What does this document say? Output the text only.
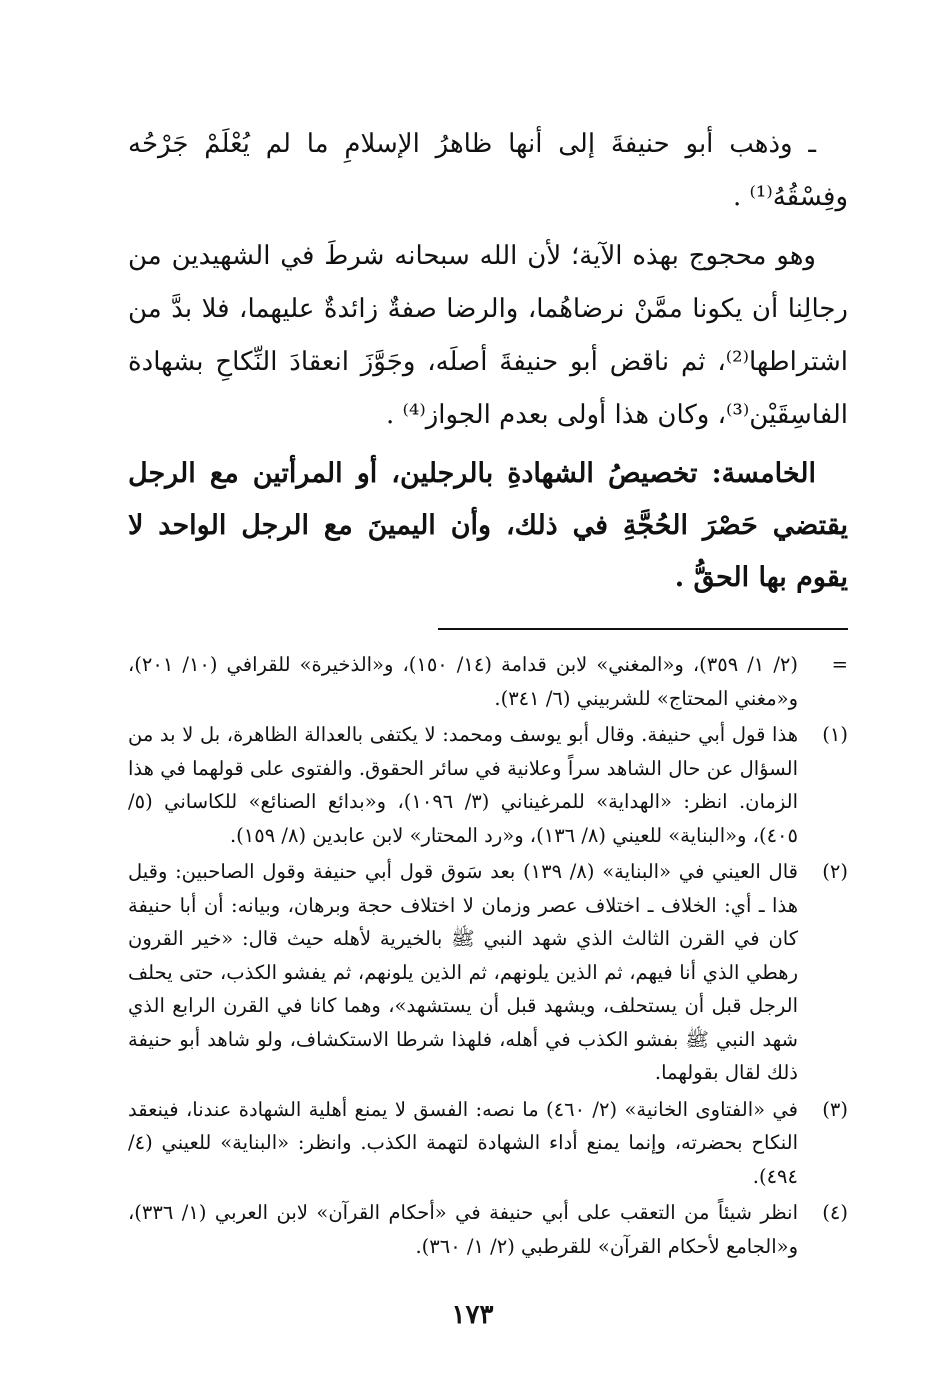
ـ وذهب أبو حنيفةَ إلى أنها ظاهرُ الإسلامِ ما لم يُعْلَمْ جَرْحُه وفِسْقُهُ⁽¹⁾ .

وهو محجوج بهذه الآية؛ لأن الله سبحانه شرطَ في الشهيدين من رجالِنا أن يكونا ممَّنْ نرضاهُما، والرضا صفةٌ زائدةٌ عليهما، فلا بدَّ من اشتراطها⁽²⁾، ثم ناقض أبو حنيفةَ أصلَه، وجَوَّزَ انعقادَ النِّكاحِ بشهادة الفاسِقَيْن⁽³⁾، وكان هذا أولى بعدم الجواز⁽⁴⁾ .

الخامسة: تخصيصُ الشهادةِ بالرجلين، أو المرأتين مع الرجل يقتضي حَصْرَ الحُجَّةِ في ذلك، وأن اليمينَ مع الرجل الواحد لا يقوم بها الحقُّ .

=
(٢/ ١/ ٣٥٩)، و«المغني» لابن قدامة (١٤/ ١٥٠)، و«الذخيرة» للقرافي (١٠/ ٢٠١)، و«مغني المحتاج» للشربيني (٦/ ٣٤١).
(١)
هذا قول أبي حنيفة. وقال أبو يوسف ومحمد: لا يكتفى بالعدالة الظاهرة، بل لا بد من السؤال عن حال الشاهد سراً وعلانية في سائر الحقوق. والفتوى على قولهما في هذا الزمان. انظر: «الهداية» للمرغيناني (٣/ ١٠٩٦)، و«بدائع الصنائع» للكاساني (٥/ ٤٠٥)، و«البناية» للعيني (٨/ ١٣٦)، و«رد المحتار» لابن عابدين (٨/ ١٥٩).
(٢)
قال العيني في «البناية» (٨/ ١٣٩) بعد سَوق قول أبي حنيفة وقول الصاحبين: وقيل هذا ـ أي: الخلاف ـ اختلاف عصر وزمان لا اختلاف حجة وبرهان، وبيانه: أن أبا حنيفة كان في القرن الثالث الذي شهد النبي ﷺ بالخيرية لأهله حيث قال: «خير القرون رهطي الذي أنا فيهم، ثم الذين يلونهم، ثم الذين يلونهم، ثم يفشو الكذب، حتى يحلف الرجل قبل أن يستحلف، ويشهد قبل أن يستشهد»، وهما كانا في القرن الرابع الذي شهد النبي ﷺ بفشو الكذب في أهله، فلهذا شرطا الاستكشاف، ولو شاهد أبو حنيفة ذلك لقال بقولهما.
(٣)
في «الفتاوى الخانية» (٢/ ٤٦٠) ما نصه: الفسق لا يمنع أهلية الشهادة عندنا، فينعقد النكاح بحضرته، وإنما يمنع أداء الشهادة لتهمة الكذب. وانظر: «البناية» للعيني (٤/ ٤٩٤).
(٤)
انظر شيئاً من التعقب على أبي حنيفة في «أحكام القرآن» لابن العربي (١/ ٣٣٦)، و«الجامع لأحكام القرآن» للقرطبي (٢/ ١/ ٣٦٠).
١٧٣
